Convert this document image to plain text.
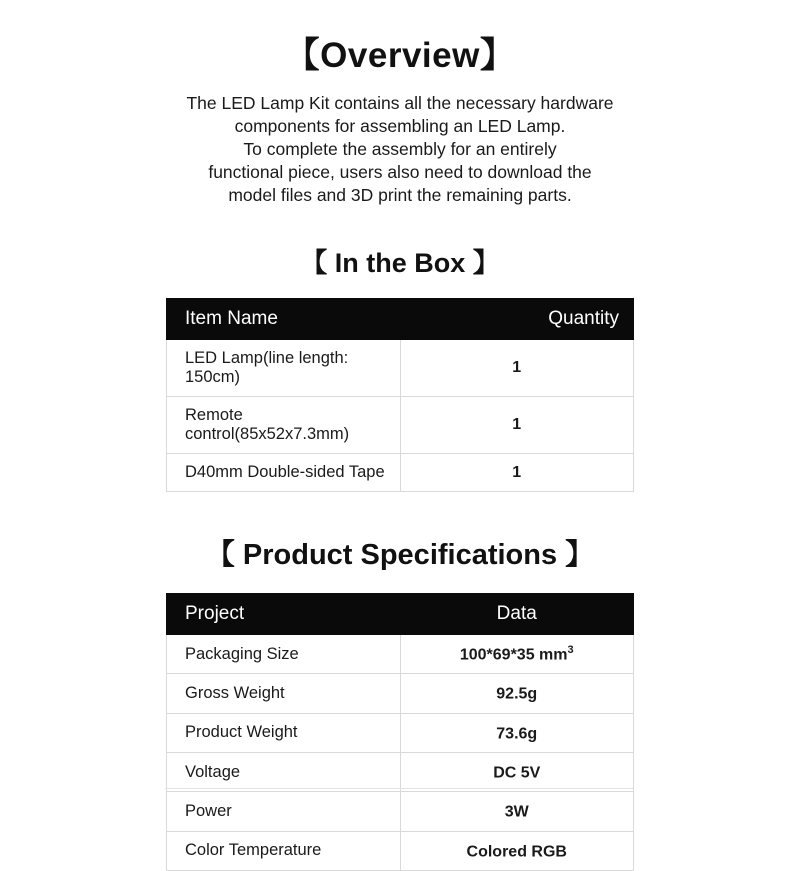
【Overview】

The LED Lamp Kit contains all the necessary hardware

components for assembling an LED Lamp.

To complete the assembly for an entirely

functional piece, users also need to download the

model files and 3D print the remaining parts.

【 In the Box 】
Item Name	Quantity
LED Lamp(line length: 150cm)	1
Remote control(85x52x7.3mm)	1
D40mm Double-sided Tape	1
【 Product Specifications 】
Project	Data
Packaging Size	100*69*35 $mm^3$
Gross Weight	92.5g
Product Weight	73.6g
Voltage	DC 5V
Power	3W
Color Temperature	Colored RGB
